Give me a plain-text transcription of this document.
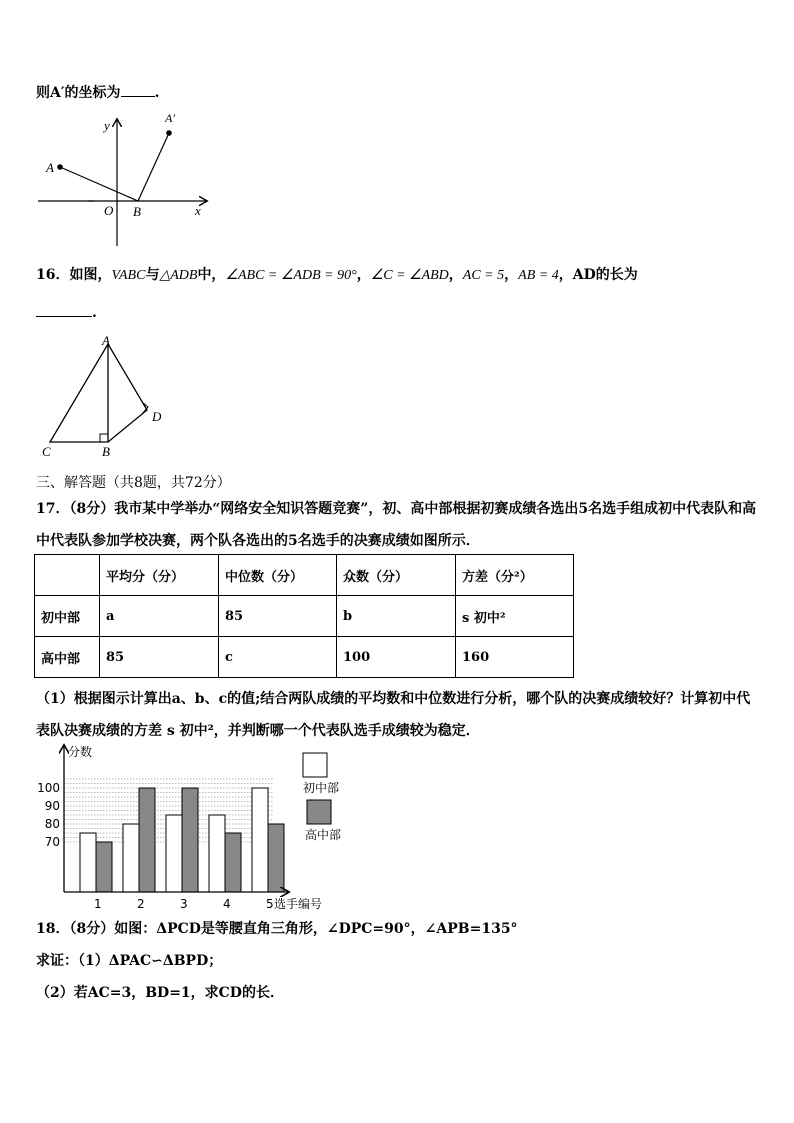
则A′的坐标为 .
y	A′
A
O B	x
16．如图，VABC与△ADB中，∠ABC = ∠ADB = 90°，∠C = ∠ABD，AC = 5，AB = 4，AD的长为
.
A
B
C
D
三、解答题（共8题，共72分）
17．（8分）我市某中学举办“网络安全知识答题竞赛”，初、高中部根据初赛成绩各选出5名选手组成初中代表队和高
中代表队参加学校决赛，两个队各选出的5名选手的决赛成绩如图所示．
	平均分（分）	中位数（分）	众数（分）	方差（分²）
初中部	a	85	b	s 初中²
高中部	85	c	100	160
（1）根据图示计算出a、b、c的值;结合两队成绩的平均数和中位数进行分析，哪个队的决赛成绩较好？计算初中代
表队决赛成绩的方差 s 初中²，并判断哪一个代表队选手成绩较为稳定．
70
80
90
100
1	2	3	4	5
分数
选手编号
初中部
高中部
18．（8分）如图：ΔPCD是等腰直角三角形，∠DPC=90°，∠APB=135°
求证：（1）ΔPAC∽ΔBPD；
（2）若AC=3，BD=1，求CD的长．
